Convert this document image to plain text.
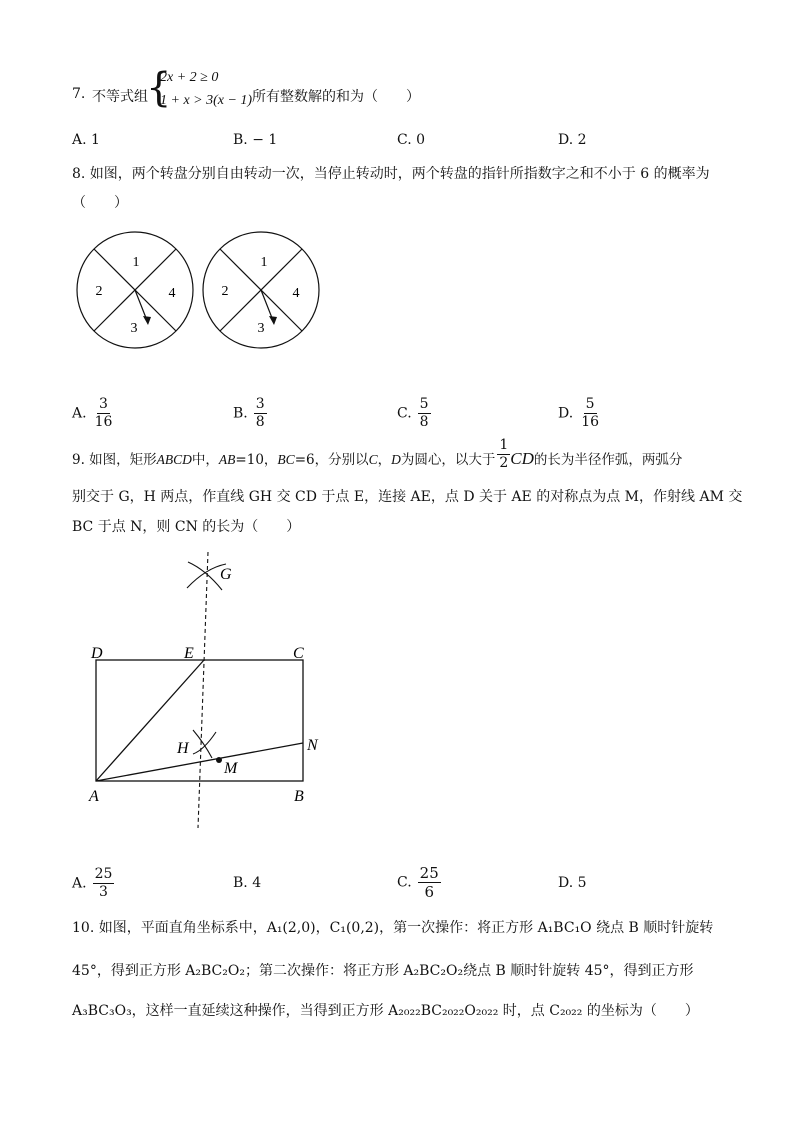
7. 不等式组
{
2x + 2 ≥ 0
1 + x > 3(x − 1) 所有整数解的和为（　　）
A. 1	B. − 1	C. 0	D. 2
8. 如图，两个转盘分别自由转动一次，当停止转动时，两个转盘的指针所指数字之和不小于 6 的概率为
（　　）
1
2	4
3
1
2	4
3
A. $\frac{3}{16}$	B. $\frac{3}{8}$	C. $\frac{5}{8}$	D. $\frac{5}{16}$
9. 如图，矩形ABCD中，AB=10，BC=6，分别以C，D为圆心，以大于 $\frac{1}{2}$ CD的长为半径作弧，两弧分
别交于 G，H 两点，作直线 GH 交 CD 于点 E，连接 AE，点 D 关于 AE 的对称点为点 M，作射线 AM 交
BC 于点 N，则 CN 的长为（　　）
G
D	E	C
H	N
M
A	B
A. $\frac{25}{3}$	B. 4	C. $\frac{25}{6}$	D. 5
10. 如图，平面直角坐标系中，A₁(2,0)，C₁(0,2)，第一次操作：将正方形 A₁BC₁O 绕点 B 顺时针旋转
45°，得到正方形 A₂BC₂O₂；第二次操作：将正方形 A₂BC₂O₂绕点 B 顺时针旋转 45°，得到正方形
A₃BC₃O₃，这样一直延续这种操作，当得到正方形 A₂₀₂₂BC₂₀₂₂O₂₀₂₂ 时，点 C₂₀₂₂ 的坐标为（　　）
